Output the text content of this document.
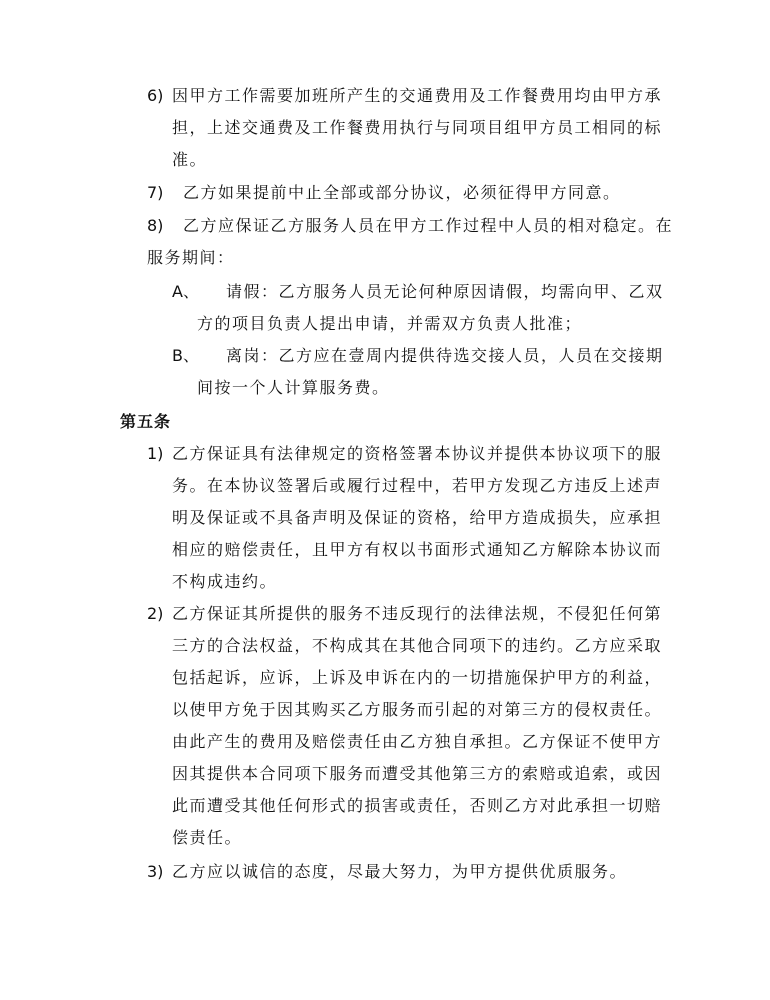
6) 因甲方工作需要加班所产生的交通费用及工作餐费用均由甲方承
担，上述交通费及工作餐费用执行与同项目组甲方员工相同的标
准。
7) 乙方如果提前中止全部或部分协议，必须征得甲方同意。
8) 乙方应保证乙方服务人员在甲方工作过程中人员的相对稳定。在
服务期间：
A、 请假：乙方服务人员无论何种原因请假，均需向甲、乙双
方的项目负责人提出申请，并需双方负责人批准；
B、 离岗：乙方应在壹周内提供待选交接人员，人员在交接期
间按一个人计算服务费。
第五条
1) 乙方保证具有法律规定的资格签署本协议并提供本协议项下的服
务。在本协议签署后或履行过程中，若甲方发现乙方违反上述声
明及保证或不具备声明及保证的资格，给甲方造成损失，应承担
相应的赔偿责任，且甲方有权以书面形式通知乙方解除本协议而
不构成违约。
2) 乙方保证其所提供的服务不违反现行的法律法规，不侵犯任何第
三方的合法权益，不构成其在其他合同项下的违约。乙方应采取
包括起诉，应诉，上诉及申诉在内的一切措施保护甲方的利益，
以使甲方免于因其购买乙方服务而引起的对第三方的侵权责任。
由此产生的费用及赔偿责任由乙方独自承担。乙方保证不使甲方
因其提供本合同项下服务而遭受其他第三方的索赔或追索，或因
此而遭受其他任何形式的损害或责任，否则乙方对此承担一切赔
偿责任。
3) 乙方应以诚信的态度，尽最大努力，为甲方提供优质服务。
